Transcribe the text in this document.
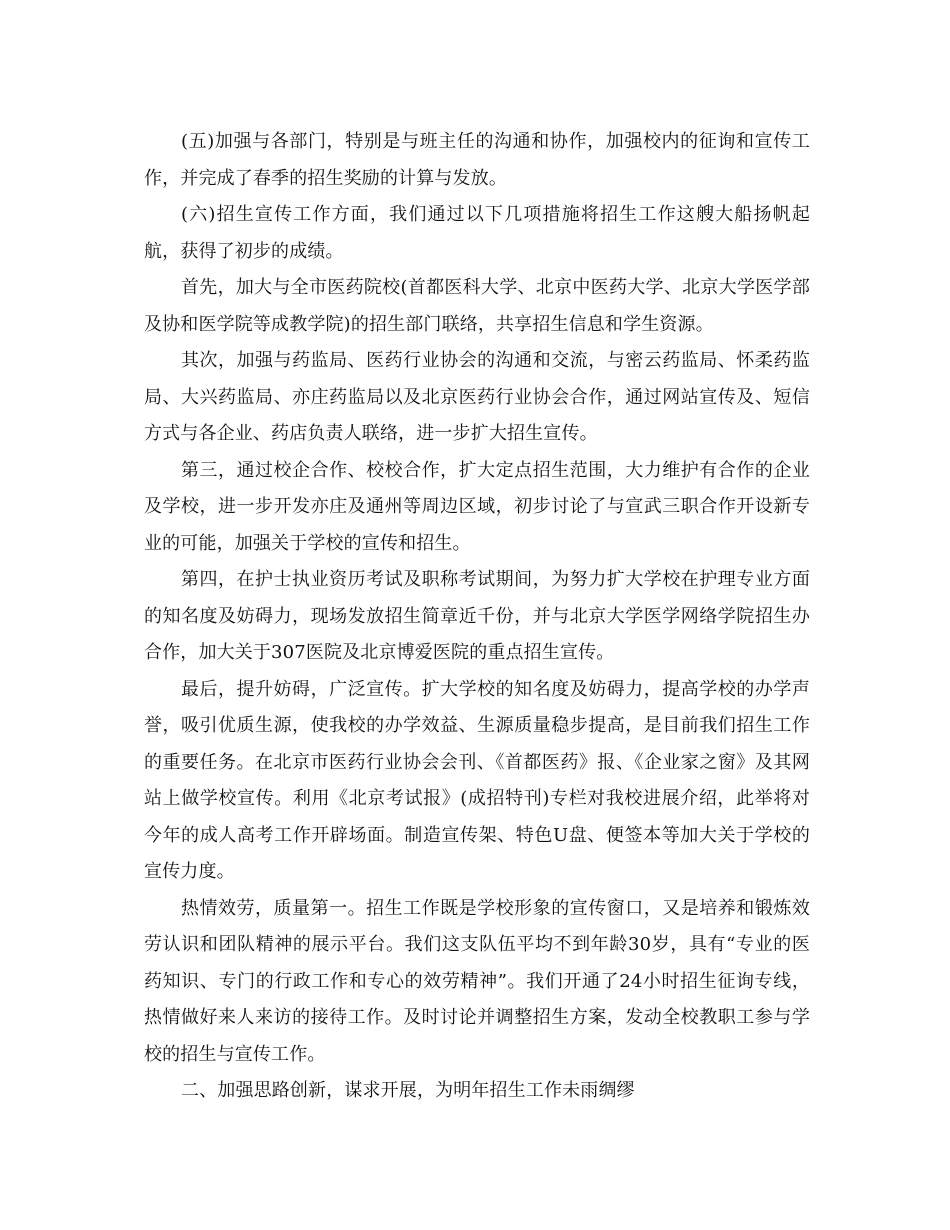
(五)加强与各部门，特别是与班主任的沟通和协作，加强校内的征询和宣传工作，并完成了春季的招生奖励的计算与发放。

(六)招生宣传工作方面，我们通过以下几项措施将招生工作这艘大船扬帆起航，获得了初步的成绩。

首先，加大与全市医药院校(首都医科大学、北京中医药大学、北京大学医学部及协和医学院等成教学院)的招生部门联络，共享招生信息和学生资源。

其次，加强与药监局、医药行业协会的沟通和交流，与密云药监局、怀柔药监局、大兴药监局、亦庄药监局以及北京医药行业协会合作，通过网站宣传及、短信方式与各企业、药店负责人联络，进一步扩大招生宣传。

第三，通过校企合作、校校合作，扩大定点招生范围，大力维护有合作的企业及学校，进一步开发亦庄及通州等周边区域，初步讨论了与宣武三职合作开设新专业的可能，加强关于学校的宣传和招生。

第四，在护士执业资历考试及职称考试期间，为努力扩大学校在护理专业方面的知名度及妨碍力，现场发放招生简章近千份，并与北京大学医学网络学院招生办合作，加大关于307医院及北京博爱医院的重点招生宣传。

最后，提升妨碍，广泛宣传。扩大学校的知名度及妨碍力，提高学校的办学声誉，吸引优质生源，使我校的办学效益、生源质量稳步提高，是目前我们招生工作的重要任务。在北京市医药行业协会会刊、《首都医药》报、《企业家之窗》及其网站上做学校宣传。利用《北京考试报》(成招特刊)专栏对我校进展介绍，此举将对今年的成人高考工作开辟场面。制造宣传架、特色U盘、便签本等加大关于学校的宣传力度。

热情效劳，质量第一。招生工作既是学校形象的宣传窗口，又是培养和锻炼效劳认识和团队精神的展示平台。我们这支队伍平均不到年龄30岁，具有“专业的医药知识、专门的行政工作和专心的效劳精神”。我们开通了24小时招生征询专线，热情做好来人来访的接待工作。及时讨论并调整招生方案，发动全校教职工参与学校的招生与宣传工作。

二、加强思路创新，谋求开展，为明年招生工作未雨绸缪
